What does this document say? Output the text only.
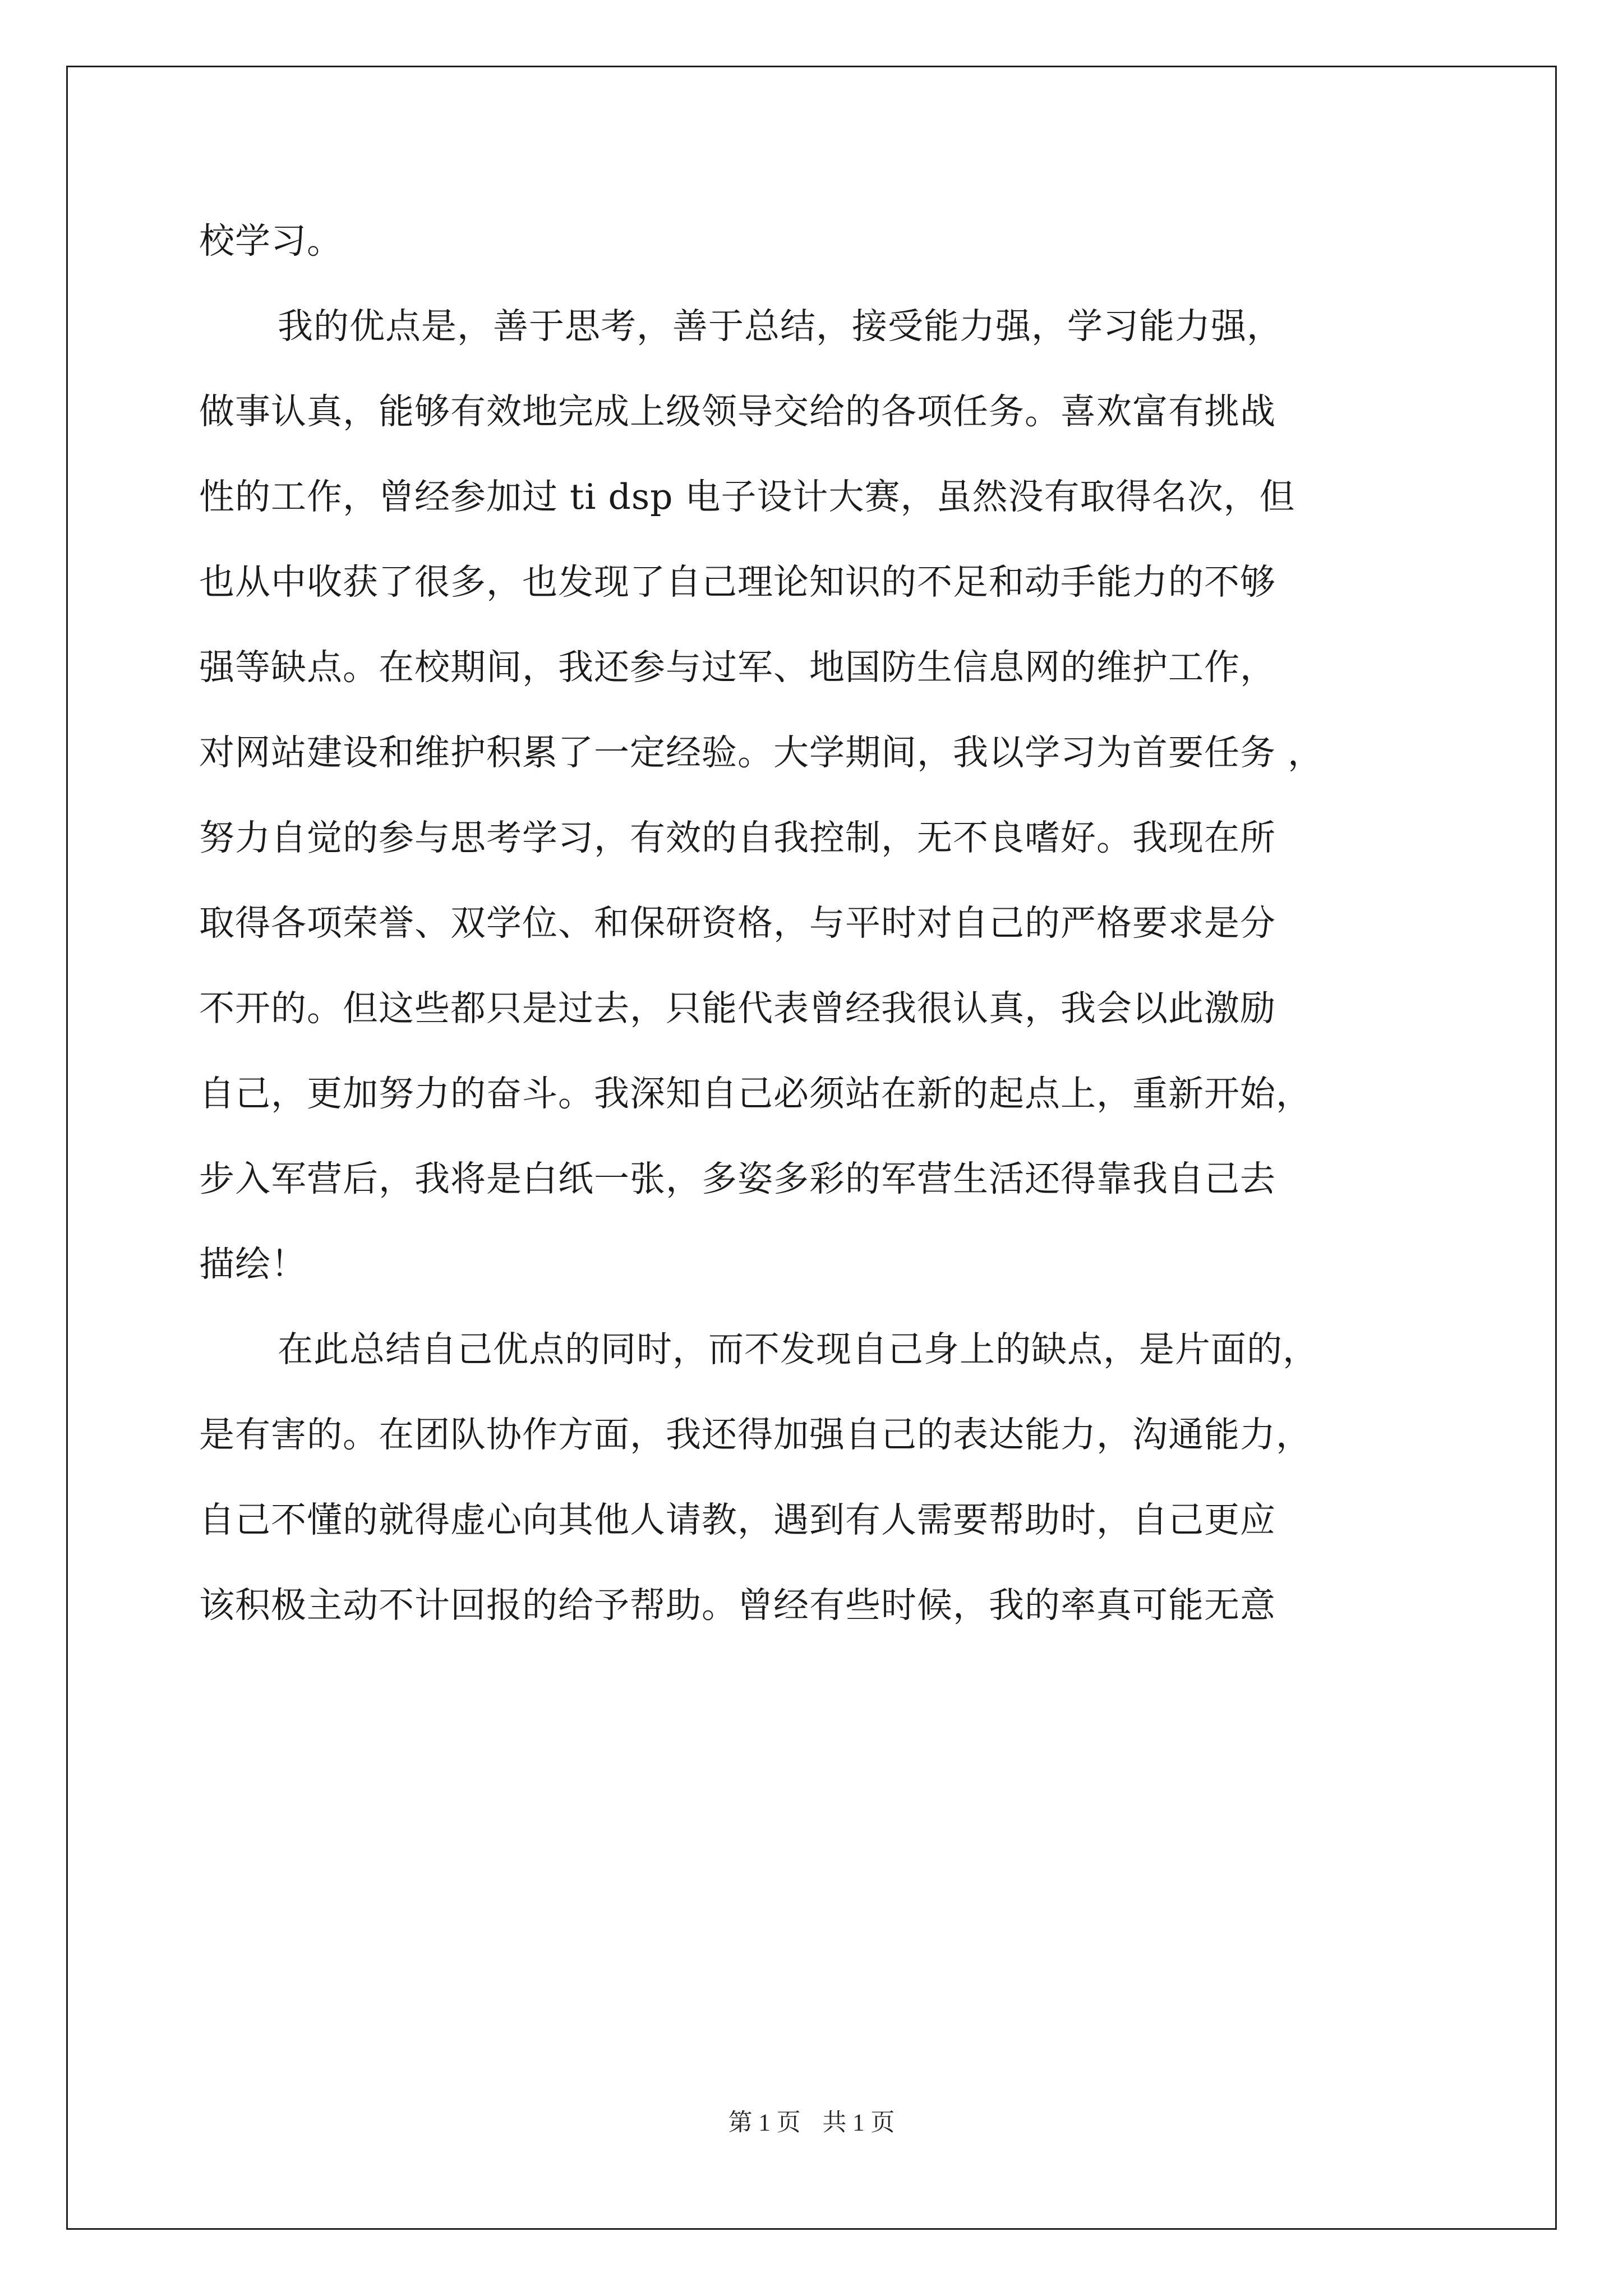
校学习。
我的优点是，善于思考，善于总结，接受能力强，学习能力强，
做事认真，能够有效地完成上级领导交给的各项任务。喜欢富有挑战
性的工作，曾经参加过 ti dsp 电子设计大赛，虽然没有取得名次，但
也从中收获了很多，也发现了自己理论知识的不足和动手能力的不够
强等缺点。在校期间，我还参与过军、地国防生信息网的维护工作，
对网站建设和维护积累了一定经验。大学期间，我以学习为首要任务 ，
努力自觉的参与思考学习，有效的自我控制，无不良嗜好。我现在所
取得各项荣誉、双学位、和保研资格，与平时对自己的严格要求是分
不开的。但这些都只是过去，只能代表曾经我很认真，我会以此激励
自己，更加努力的奋斗。我深知自己必须站在新的起点上，重新开始，
步入军营后，我将是白纸一张，多姿多彩的军营生活还得靠我自己去
描绘！
在此总结自己优点的同时，而不发现自己身上的缺点，是片面的，
是有害的。在团队协作方面，我还得加强自己的表达能力，沟通能力，
自己不懂的就得虚心向其他人请教，遇到有人需要帮助时，自己更应
该积极主动不计回报的给予帮助。曾经有些时候，我的率真可能无意
第 1 页 共 1 页
